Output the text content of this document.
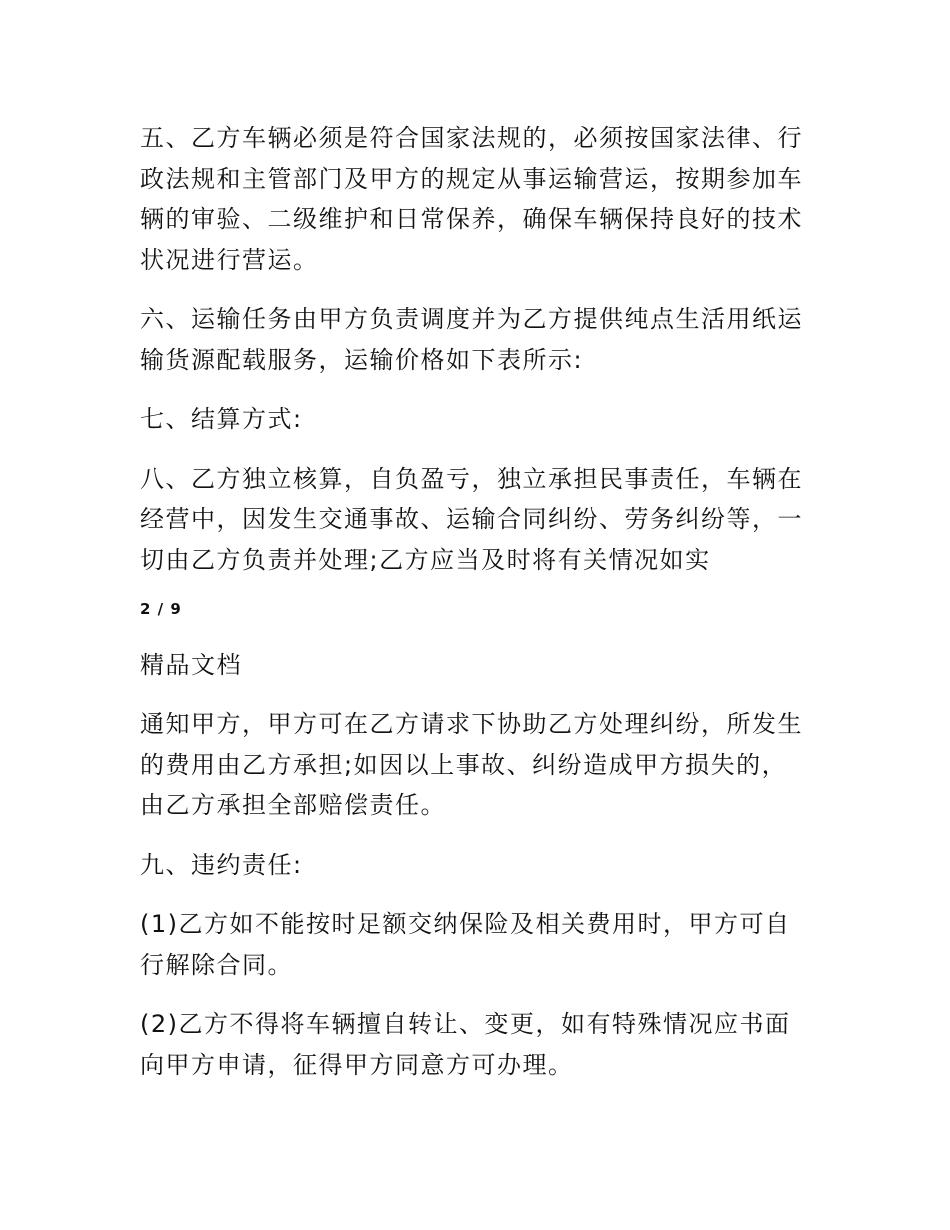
五、乙方车辆必须是符合国家法规的，必须按国家法律、行政法规和主管部门及甲方的规定从事运输营运，按期参加车辆的审验、二级维护和日常保养，确保车辆保持良好的技术状况进行营运。

六、运输任务由甲方负责调度并为乙方提供纯点生活用纸运输货源配载服务，运输价格如下表所示:

七、结算方式:

八、乙方独立核算，自负盈亏，独立承担民事责任，车辆在经营中，因发生交通事故、运输合同纠纷、劳务纠纷等，一切由乙方负责并处理;乙方应当及时将有关情况如实

2 / 9
精品文档

通知甲方，甲方可在乙方请求下协助乙方处理纠纷，所发生的费用由乙方承担;如因以上事故、纠纷造成甲方损失的，由乙方承担全部赔偿责任。

九、违约责任:

(1)乙方如不能按时足额交纳保险及相关费用时，甲方可自行解除合同。

(2)乙方不得将车辆擅自转让、变更，如有特殊情况应书面向甲方申请，征得甲方同意方可办理。
